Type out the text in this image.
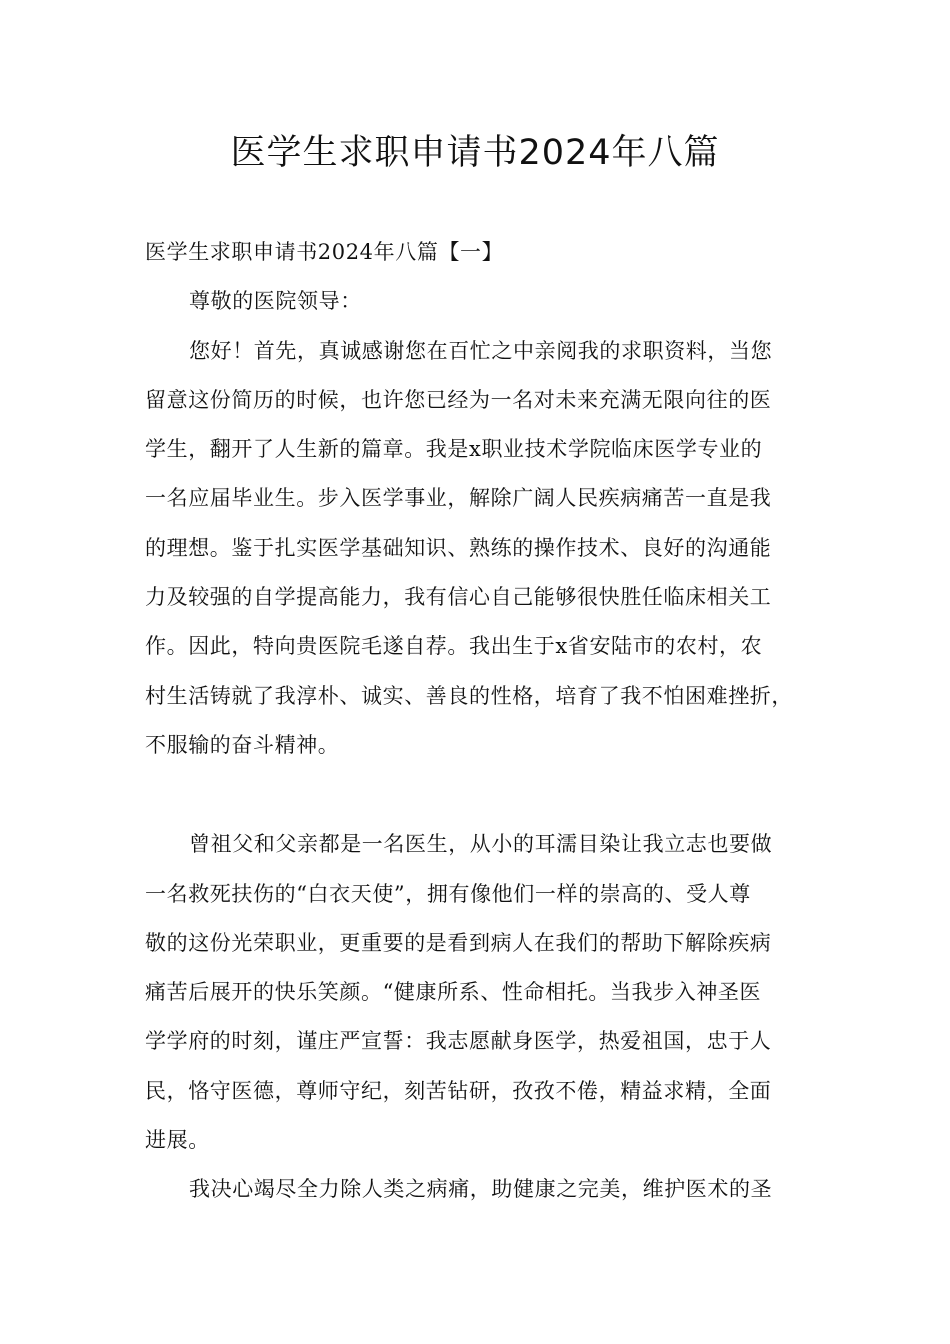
医学生求职申请书2024年八篇
医学生求职申请书2024年八篇【一】
尊敬的医院领导：
您好！首先，真诚感谢您在百忙之中亲阅我的求职资料，当您
留意这份简历的时候，也许您已经为一名对未来充满无限向往的医
学生，翻开了人生新的篇章。我是x职业技术学院临床医学专业的
一名应届毕业生。步入医学事业，解除广阔人民疾病痛苦一直是我
的理想。鉴于扎实医学基础知识、熟练的操作技术、良好的沟通能
力及较强的自学提高能力，我有信心自己能够很快胜任临床相关工
作。因此，特向贵医院毛遂自荐。我出生于x省安陆市的农村，农
村生活铸就了我淳朴、诚实、善良的性格，培育了我不怕困难挫折，
不服输的奋斗精神。
曾祖父和父亲都是一名医生，从小的耳濡目染让我立志也要做
一名救死扶伤的“白衣天使”，拥有像他们一样的崇高的、受人尊
敬的这份光荣职业，更重要的是看到病人在我们的帮助下解除疾病
痛苦后展开的快乐笑颜。“健康所系、性命相托。当我步入神圣医
学学府的时刻，谨庄严宣誓：我志愿献身医学，热爱祖国，忠于人
民，恪守医德，尊师守纪，刻苦钻研，孜孜不倦，精益求精，全面
进展。
我决心竭尽全力除人类之病痛，助健康之完美，维护医术的圣
